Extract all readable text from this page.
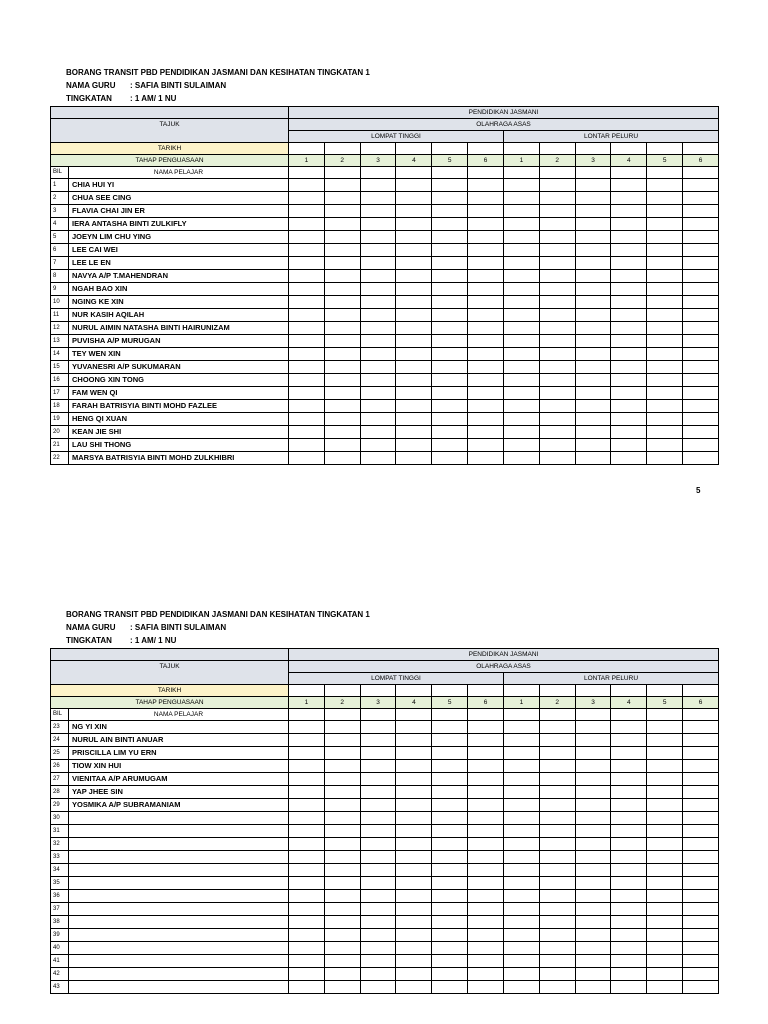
BORANG TRANSIT PBD PENDIDIKAN JASMANI DAN KESIHATAN TINGKATAN 1
NAMA GURU : SAFIA BINTI SULAIMAN
TINGKATAN : 1 AM/ 1 NU
		PENDIDIKAN JASMANI											
TAJUK		OLAHRAGA ASAS											
		LOMPAT TINGGI						LONTAR PELURU					
TARIKH													
TAHAP PENGUASAAN		1	2	3	4	5	6	1	2	3	4	5	6
BIL	NAMA PELAJAR												
1	CHIA HUI YI												
2	CHUA SEE CING												
3	FLAVIA CHAI JIN ER												
4	IERA ANTASHA BINTI ZULKIFLY												
5	JOEYN LIM CHU YING												
6	LEE CAI WEI												
7	LEE LE EN												
8	NAVYA A/P T.MAHENDRAN												
9	NGAH BAO XIN												
10	NGING KE XIN												
11	NUR KASIH AQILAH												
12	NURUL AIMIN NATASHA BINTI HAIRUNIZAM												
13	PUVISHA A/P MURUGAN												
14	TEY WEN XIN												
15	YUVANESRI A/P SUKUMARAN												
16	CHOONG XIN TONG												
17	FAM WEN QI												
18	FARAH BATRISYIA BINTI MOHD FAZLEE												
19	HENG QI XUAN												
20	KEAN JIE SHI												
21	LAU SHI THONG												
22	MARSYA BATRISYIA BINTI MOHD ZULKHIBRI												
5
BORANG TRANSIT PBD PENDIDIKAN JASMANI DAN KESIHATAN TINGKATAN 1
NAMA GURU : SAFIA BINTI SULAIMAN
TINGKATAN : 1 AM/ 1 NU
		PENDIDIKAN JASMANI											
TAJUK		OLAHRAGA ASAS											
		LOMPAT TINGGI						LONTAR PELURU					
TARIKH													
TAHAP PENGUASAAN		1	2	3	4	5	6	1	2	3	4	5	6
BIL	NAMA PELAJAR												
23	NG YI XIN												
24	NURUL AIN BINTI ANUAR												
25	PRISCILLA LIM YU ERN												
26	TIOW XIN HUI												
27	VIENITAA A/P ARUMUGAM												
28	YAP JHEE SIN												
29	YOSMIKA A/P SUBRAMANIAM												
30													
31													
32													
33													
34													
35													
36													
37													
38													
39													
40													
41													
42													
43													
